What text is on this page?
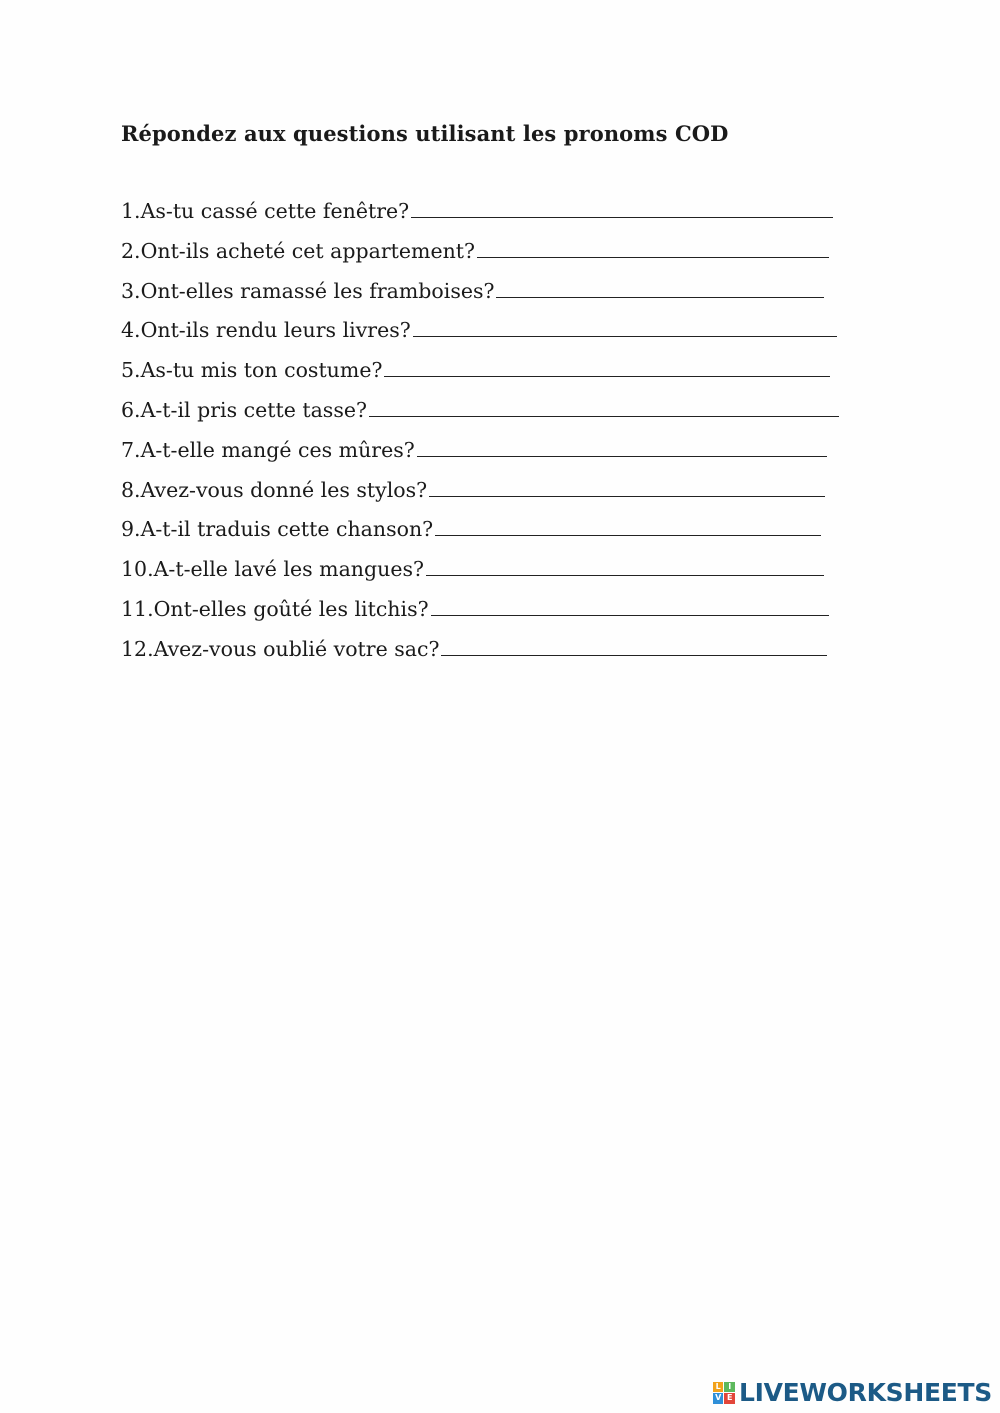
Répondez aux questions utilisant les pronoms COD
1. As-tu cassé cette fenêtre?
2. Ont-ils acheté cet appartement?
3. Ont-elles ramassé les framboises?
4. Ont-ils rendu leurs livres?
5. As-tu mis ton costume?
6. A-t-il pris cette tasse?
7. A-t-elle mangé ces mûres?
8. Avez-vous donné les stylos?
9. A-t-il traduis cette chanson?
10. A-t-elle lavé les mangues?
11. Ont-elles goûté les litchis?
12. Avez-vous oublié votre sac?
L I
V E LIVEWORKSHEETS
